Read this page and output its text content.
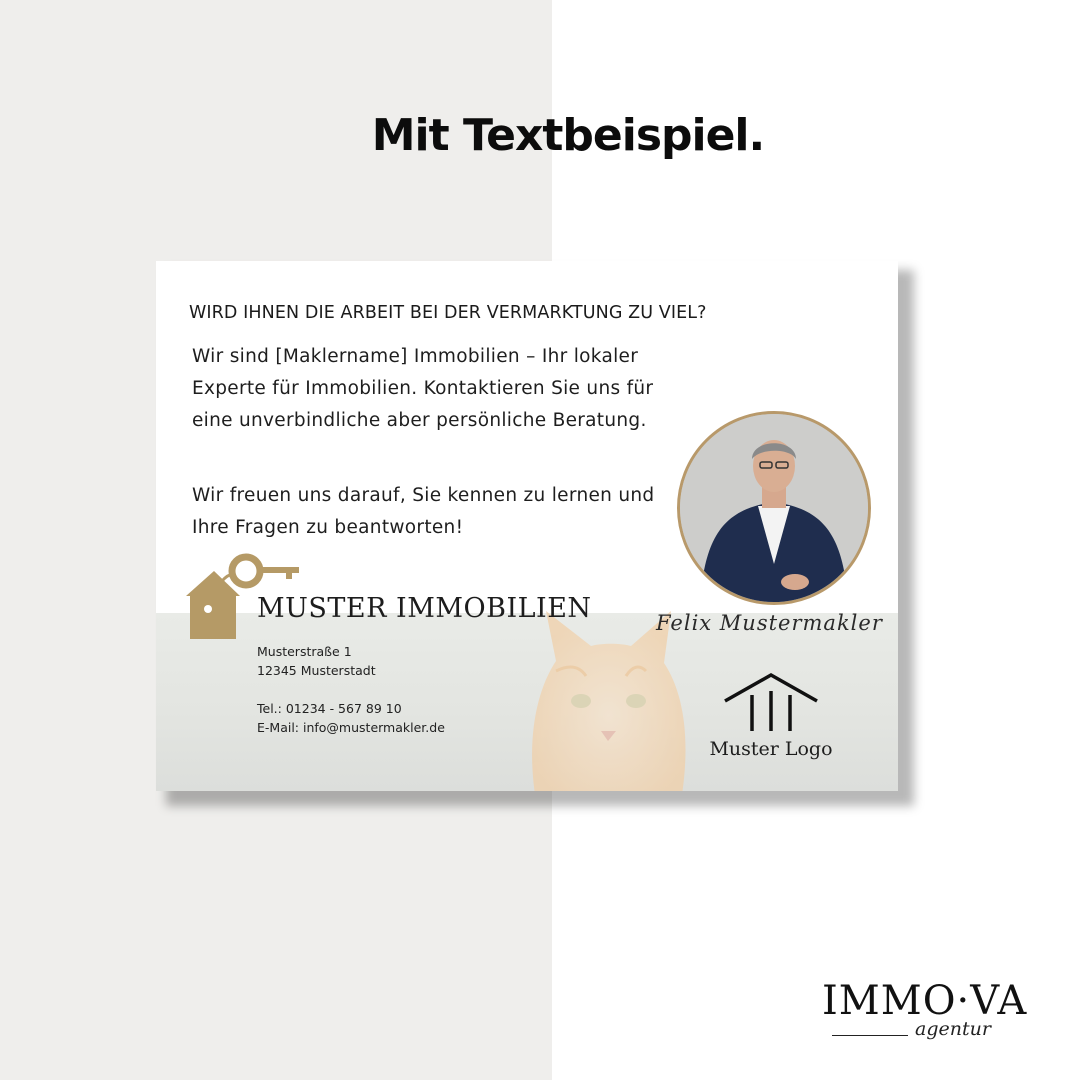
Mit Textbeispiel.
WIRD IHNEN DIE ARBEIT BEI DER VERMARKTUNG ZU VIEL?
Wir sind [Maklername] Immobilien – Ihr lokaler Experte für Immobilien. Kontaktieren Sie uns für eine unverbindliche aber persönliche Beratung.
Wir freuen uns darauf, Sie kennen zu lernen und Ihre Fragen zu beantworten!
MUSTER IMMOBILIEN
Musterstraße 1
12345 Musterstadt
Tel.: 01234 - 567 89 10
E-Mail: info@mustermakler.de
Felix Mustermakler
Muster Logo
IMMO·VA
agentur
